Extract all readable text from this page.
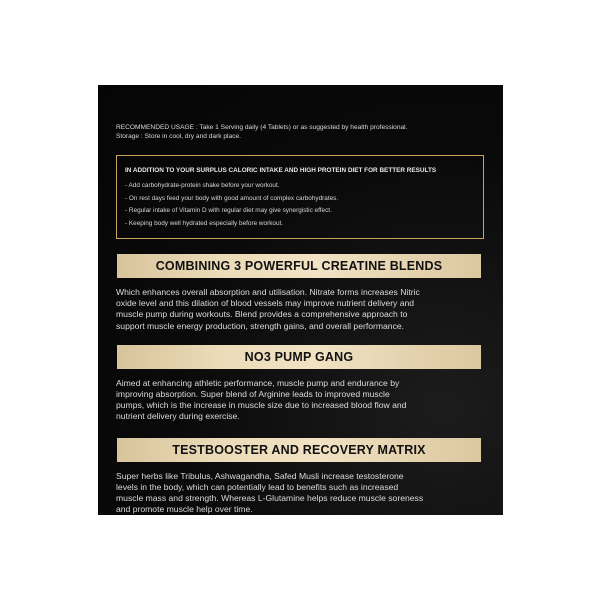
RECOMMENDED USAGE : Take 1 Serving daily (4 Tablets) or as suggested by health professional.
Storage : Store in cool, dry and dark place.
IN ADDITION TO YOUR SURPLUS CALORIC INTAKE AND HIGH PROTEIN DIET FOR BETTER RESULTS
- Add carbohydrate-protein shake before your workout.
- On rest days feed your body with good amount of complex carbohydrates.
- Regular intake of Vitamin D with regular diet may give synergistic effect.
- Keeping body well hydrated especially before workout.
COMBINING 3 POWERFUL CREATINE BLENDS
Which enhances overall absorption and utilisation. Nitrate forms increases Nitric
oxide level and this dilation of blood vessels may improve nutrient delivery and
muscle pump during workouts. Blend provides a comprehensive approach to
support muscle energy production, strength gains, and overall performance.
NO3 PUMP GANG
Aimed at enhancing athletic performance, muscle pump and endurance by
improving absorption. Super blend of Arginine leads to improved muscle
pumps, which is the increase in muscle size due to increased blood flow and
nutrient delivery during exercise.
TESTBOOSTER AND RECOVERY MATRIX
Super herbs like Tribulus, Ashwagandha, Safed Musli increase testosterone
levels in the body, which can potentially lead to benefits such as increased
muscle mass and strength. Whereas L-Glutamine helps reduce muscle soreness
and promote muscle help over time.
